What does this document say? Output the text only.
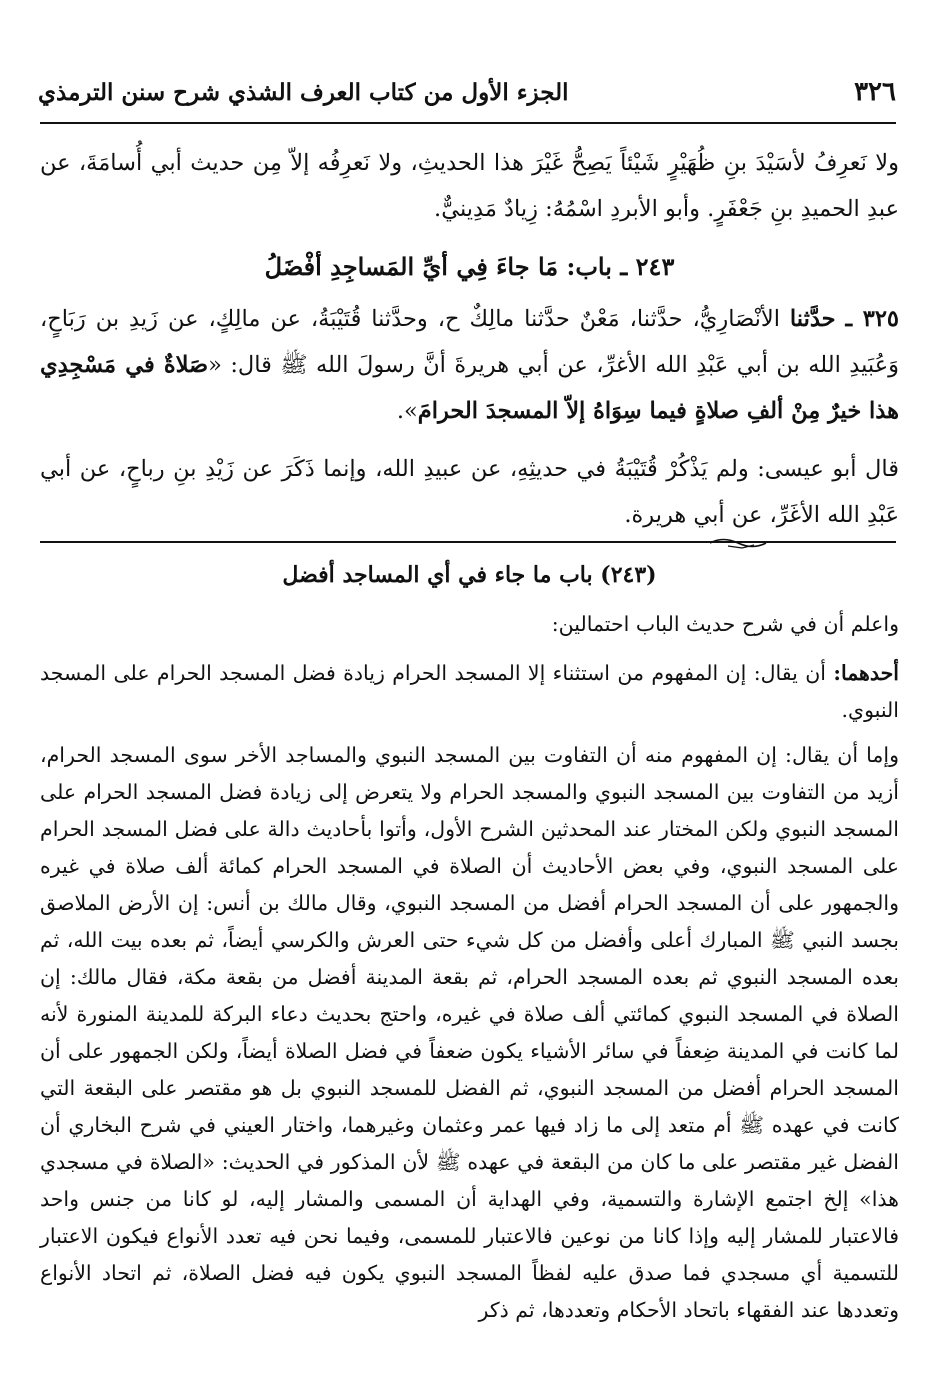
٣٢٦
الجزء الأول من كتاب العرف الشذي شرح سنن الترمذي

ولا نَعرِفُ لأسَيْدَ بنِ ظُهَيْرٍ شَيْئاً يَصِحُّ غَيْرَ هذا الحديثِ، ولا نَعرِفُه إلاّ مِن حديث أبي أُسامَةَ، عن عبدِ الحميدِ بنِ جَعْفَرٍ. وأبو الأبردِ اسْمُهُ: زِيادٌ مَدِينيٌّ.

٢٤٣ ـ باب: مَا جاءَ فِي أيِّ المَساجِدِ أفْضَلُ

٣٢٥ ـ حدَّثنا الأنْصَارِيُّ، حدَّثنا، مَعْنٌ حدَّثنا مالِكٌ ح، وحدَّثنا قُتَيْبَةُ، عن مالِكٍ، عن زَيدِ بن رَبَاحٍ، وَعُبَيدِ الله بن أبي عَبْدِ الله الأغرِّ، عن أبي هريرةَ أنَّ رسولَ الله ﷺ قال: «صَلاةٌ في مَسْجِدِي هذا خيرٌ مِنْ ألفِ صلاةٍ فيما سِوَاهُ إلاّ المسجدَ الحرامَ».

قال أبو عيسى: ولم يَذْكُرْ قُتَيْبَةُ في حديثِهِ، عن عبيدِ الله، وإنما ذَكَرَ عن زَيْدِ بنِ رباحٍ، عن أبي عَبْدِ الله الأغَرِّ، عن أبي هريرة.

(٢٤٣) باب ما جاء في أي المساجد أفضل

واعلم أن في شرح حديث الباب احتمالين:

أحدهما: أن يقال: إن المفهوم من استثناء إلا المسجد الحرام زيادة فضل المسجد الحرام على المسجد النبوي.

وإما أن يقال: إن المفهوم منه أن التفاوت بين المسجد النبوي والمساجد الأخر سوى المسجد الحرام، أزيد من التفاوت بين المسجد النبوي والمسجد الحرام ولا يتعرض إلى زيادة فضل المسجد الحرام على المسجد النبوي ولكن المختار عند المحدثين الشرح الأول، وأتوا بأحاديث دالة على فضل المسجد الحرام على المسجد النبوي، وفي بعض الأحاديث أن الصلاة في المسجد الحرام كمائة ألف صلاة في غيره والجمهور على أن المسجد الحرام أفضل من المسجد النبوي، وقال مالك بن أنس: إن الأرض الملاصق بجسد النبي ﷺ المبارك أعلى وأفضل من كل شيء حتى العرش والكرسي أيضاً، ثم بعده بيت الله، ثم بعده المسجد النبوي ثم بعده المسجد الحرام، ثم بقعة المدينة أفضل من بقعة مكة، فقال مالك: إن الصلاة في المسجد النبوي كمائتي ألف صلاة في غيره، واحتج بحديث دعاء البركة للمدينة المنورة لأنه لما كانت في المدينة ضِعفاً في سائر الأشياء يكون ضعفاً في فضل الصلاة أيضاً، ولكن الجمهور على أن المسجد الحرام أفضل من المسجد النبوي، ثم الفضل للمسجد النبوي بل هو مقتصر على البقعة التي كانت في عهده ﷺ أم متعد إلى ما زاد فيها عمر وعثمان وغيرهما، واختار العيني في شرح البخاري أن الفضل غير مقتصر على ما كان من البقعة في عهده ﷺ لأن المذكور في الحديث: «الصلاة في مسجدي هذا» إلخ اجتمع الإشارة والتسمية، وفي الهداية أن المسمى والمشار إليه، لو كانا من جنس واحد فالاعتبار للمشار إليه وإذا كانا من نوعين فالاعتبار للمسمى، وفيما نحن فيه تعدد الأنواع فيكون الاعتبار للتسمية أي مسجدي فما صدق عليه لفظاً المسجد النبوي يكون فيه فضل الصلاة، ثم اتحاد الأنواع وتعددها عند الفقهاء باتحاد الأحكام وتعددها، ثم ذكر
